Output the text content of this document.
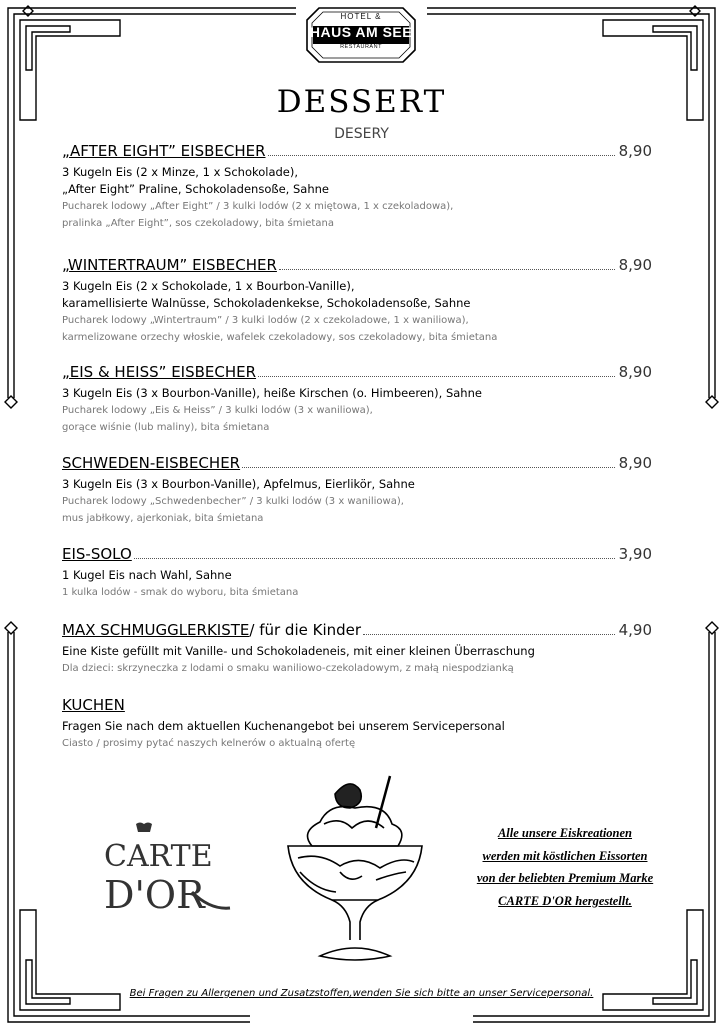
HOTEL &
HAUS AM SEE
RESTAURANT
DESSERT
DESERY
„AFTER EIGHT” EISBECHER	8,90
3 Kugeln Eis (2 x Minze, 1 x Schokolade),
„After Eight” Praline, Schokoladensoße, Sahne
Pucharek lodowy „After Eight” / 3 kulki lodów (2 x miętowa, 1 x czekoladowa),
pralinka „After Eight”, sos czekoladowy, bita śmietana
„WINTERTRAUM” EISBECHER	8,90
3 Kugeln Eis (2 x Schokolade, 1 x Bourbon-Vanille),
karamellisierte Walnüsse, Schokoladenkekse, Schokoladensoße, Sahne
Pucharek lodowy „Wintertraum” / 3 kulki lodów (2 x czekoladowe, 1 x waniliowa),
karmelizowane orzechy włoskie, wafelek czekoladowy, sos czekoladowy, bita śmietana
„EIS & HEISS” EISBECHER	8,90
3 Kugeln Eis (3 x Bourbon-Vanille), heiße Kirschen (o. Himbeeren), Sahne
Pucharek lodowy „Eis & Heiss” / 3 kulki lodów (3 x waniliowa),
gorące wiśnie (lub maliny), bita śmietana
SCHWEDEN-EISBECHER	8,90
3 Kugeln Eis (3 x Bourbon-Vanille), Apfelmus, Eierlikör, Sahne
Pucharek lodowy „Schwedenbecher” / 3 kulki lodów (3 x waniliowa),
mus jabłkowy, ajerkoniak, bita śmietana
EIS-SOLO	3,90
1 Kugel Eis nach Wahl, Sahne
1 kulka lodów - smak do wyboru, bita śmietana
MAX SCHMUGGLERKISTE / für die Kinder	4,90
Eine Kiste gefüllt mit Vanille- und Schokoladeneis, mit einer kleinen Überraschung
Dla dzieci: skrzyneczka z lodami o smaku waniliowo-czekoladowym, z małą niespodzianką
KUCHEN
Fragen Sie nach dem aktuellen Kuchenangebot bei unserem Servicepersonal
Ciasto / prosimy pytać naszych kelnerów o aktualną ofertę
CARTE
D'OR
Alle unsere Eiskreationen
werden mit köstlichen Eissorten
von der beliebten Premium Marke
CARTE D'OR hergestellt.
Bei Fragen zu Allergenen und Zusatzstoffen,wenden Sie sich bitte an unser Servicepersonal.
